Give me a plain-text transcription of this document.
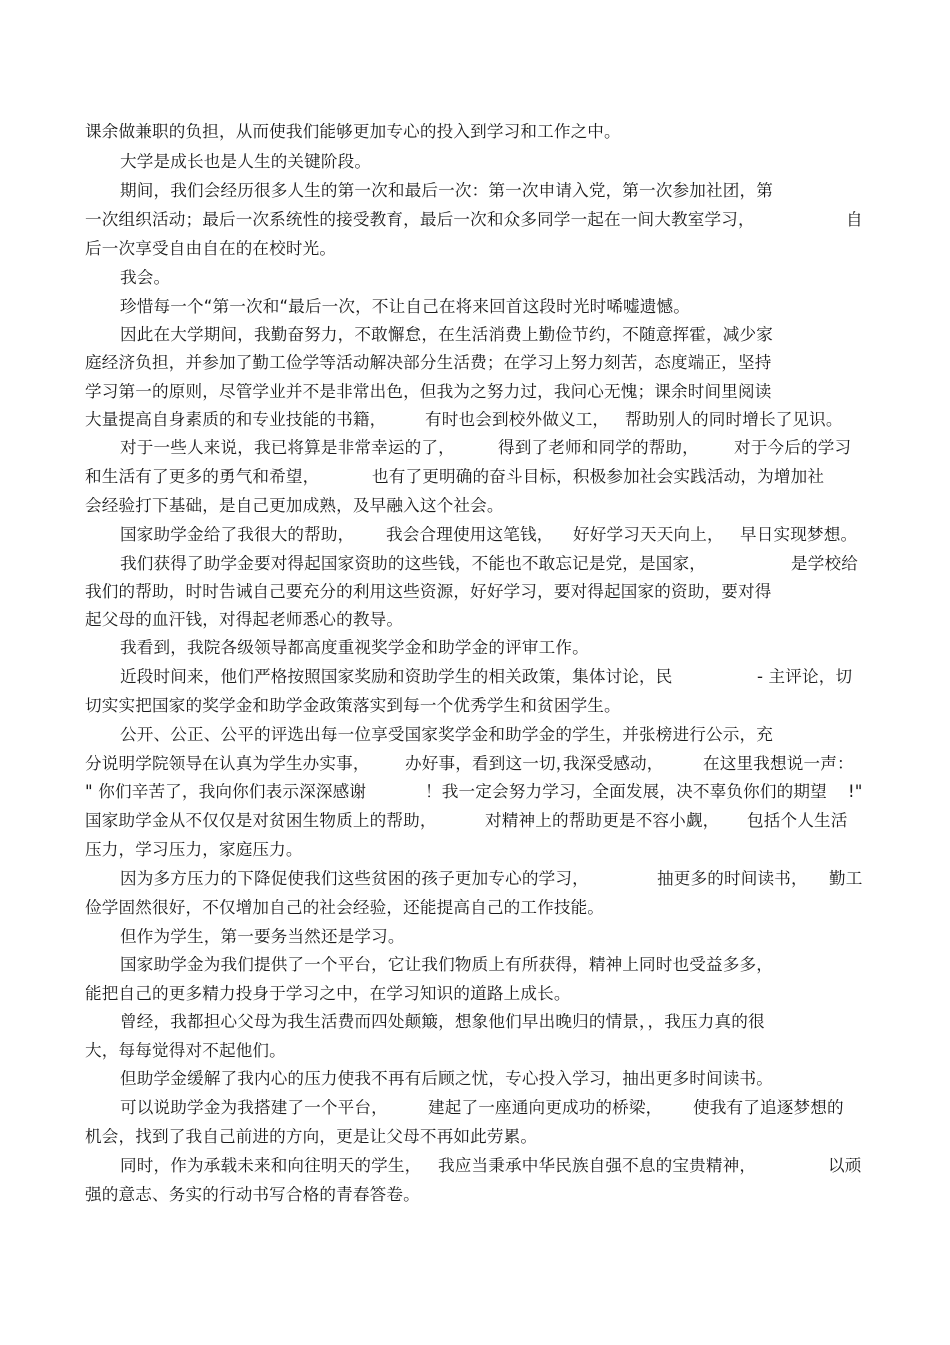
课余做兼职的负担，从而使我们能够更加专心的投入到学习和工作之中。
大学是成长也是人生的关键阶段。
期间，我们会经历很多人生的第一次和最后一次：第一次申请入党，第一次参加社团，第
一次组织活动；最后一次系统性的接受教育，最后一次和众多同学一起在一间大教室学习，	自
后一次享受自由自在的在校时光。
我会。
珍惜每一个“第一次和“最后一次，不让自己在将来回首这段时光时唏嘘遗憾。
因此在大学期间，我勤奋努力，不敢懈怠，在生活消费上勤俭节约，不随意挥霍，减少家
庭经济负担，并参加了勤工俭学等活动解决部分生活费；在学习上努力刻苦，态度端正，坚持
学习第一的原则，尽管学业并不是非常出色，但我为之努力过，我问心无愧；课余时间里阅读
大量提高自身素质的和专业技能的书籍， 有时也会到校外做义工， 帮助别人的同时增长了见识。
对于一些人来说，我已将算是非常幸运的了，	得到了老师和同学的帮助， 对于今后的学习
和生活有了更多的勇气和希望，	也有了更明确的奋斗目标，积极参加社会实践活动，为增加社
会经验打下基础，是自己更加成熟，及早融入这个社会。
国家助学金给了我很大的帮助， 我会合理使用这笔钱， 好好学习天天向上， 早日实现梦想。
我们获得了助学金要对得起国家资助的这些钱，不能也不敢忘记是党，是国家，	是学校给
我们的帮助，时时告诫自己要充分的利用这些资源，好好学习，要对得起国家的资助，要对得
起父母的血汗钱，对得起老师悉心的教导。
我看到，我院各级领导都高度重视奖学金和助学金的评审工作。
近段时间来，他们严格按照国家奖励和资助学生的相关政策，集体讨论，民	- 主评论，切
切实实把国家的奖学金和助学金政策落实到每一个优秀学生和贫困学生。
公开、公正、公平的评选出每一位享受国家奖学金和助学金的学生，并张榜进行公示，充
分说明学院领导在认真为学生办实事， 办好事，看到这一切，
我深受感动， 在这里我想说一声：
" 你们辛苦了，我向你们表示深深感谢	！我一定会努力学习，全面发展，决不辜负你们的期望 !"
国家助学金从不仅仅是对贫困生物质上的帮助，	对精神上的帮助更是不容小觑， 包括个人生活
压力，学习压力，家庭压力。
因为多方压力的下降促使我们这些贫困的孩子更加专心的学习，	抽更多的时间读书， 勤工
俭学固然很好，不仅增加自己的社会经验，还能提高自己的工作技能。
但作为学生，第一要务当然还是学习。
国家助学金为我们提供了一个平台，它让我们物质上有所获得，精神上同时也受益多多，
能把自己的更多精力投身于学习之中，在学习知识的道路上成长。
曾经，我都担心父母为我生活费而四处颠簸，想象他们早出晚归的情景，，我压力真的很
大，每每觉得对不起他们。
但助学金缓解了我内心的压力使我不再有后顾之忧，专心投入学习，抽出更多时间读书。
可以说助学金为我搭建了一个平台， 建起了一座通向更成功的桥梁， 使我有了追逐梦想的
机会，找到了我自己前进的方向，更是让父母不再如此劳累。
同时，作为承载未来和向往明天的学生， 我应当秉承中华民族自强不息的宝贵精神，	以顽
强的意志、务实的行动书写合格的青春答卷。
